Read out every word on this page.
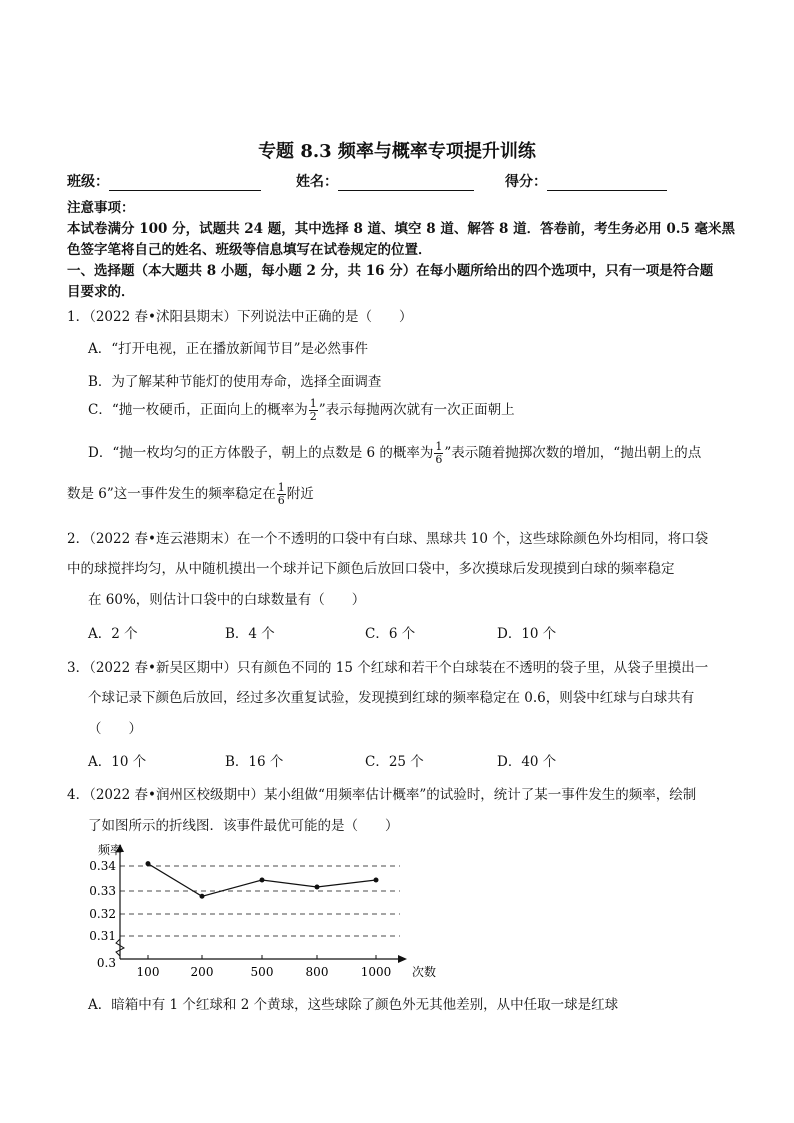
专题 8.3 频率与概率专项提升训练
班级：	姓名：	得分：
注意事项：
本试卷满分 100 分，试题共 24 题，其中选择 8 道、填空 8 道、解答 8 道．答卷前，考生务必用 0.5 毫米黑
色签字笔将自己的姓名、班级等信息填写在试卷规定的位置．
一、选择题（本大题共 8 小题，每小题 2 分，共 16 分）在每小题所给出的四个选项中，只有一项是符合题
目要求的．
1．（2022 春•沭阳县期末）下列说法中正确的是（　　）
A．“打开电视，正在播放新闻节目”是必然事件
B．为了解某种节能灯的使用寿命，选择全面调查
C．“抛一枚硬币，正面向上的概率为 $\frac{1}{2}$ ”表示每抛两次就有一次正面朝上
D．“抛一枚均匀的正方体骰子，朝上的点数是 6 的概率为 $\frac{1}{6}$ ”表示随着抛掷次数的增加，“抛出朝上的点
数是 6”这一事件发生的频率稳定在 $\frac{1}{6}$ 附近
2．（2022 春•连云港期末）在一个不透明的口袋中有白球、黑球共 10 个，这些球除颜色外均相同，将口袋
中的球搅拌均匀，从中随机摸出一个球并记下颜色后放回口袋中，多次摸球后发现摸到白球的频率稳定
在 60%，则估计口袋中的白球数量有（　　）
A．2 个	B．4 个	C．6 个	D．10 个
3．（2022 春•新吴区期中）只有颜色不同的 15 个红球和若干个白球装在不透明的袋子里，从袋子里摸出一
个球记录下颜色后放回，经过多次重复试验，发现摸到红球的频率稳定在 0.6，则袋中红球与白球共有
（　　）
A．10 个	B．16 个	C．25 个	D．40 个
4．（2022 春•润州区校级期中）某小组做“用频率估计概率”的试验时，统计了某一事件发生的频率，绘制
了如图所示的折线图．该事件最优可能的是（　　）
0.34
0.33
0.32
0.31
0.3
100	200	500	800	1000
频率
次数
A．暗箱中有 1 个红球和 2 个黄球，这些球除了颜色外无其他差别，从中任取一球是红球
